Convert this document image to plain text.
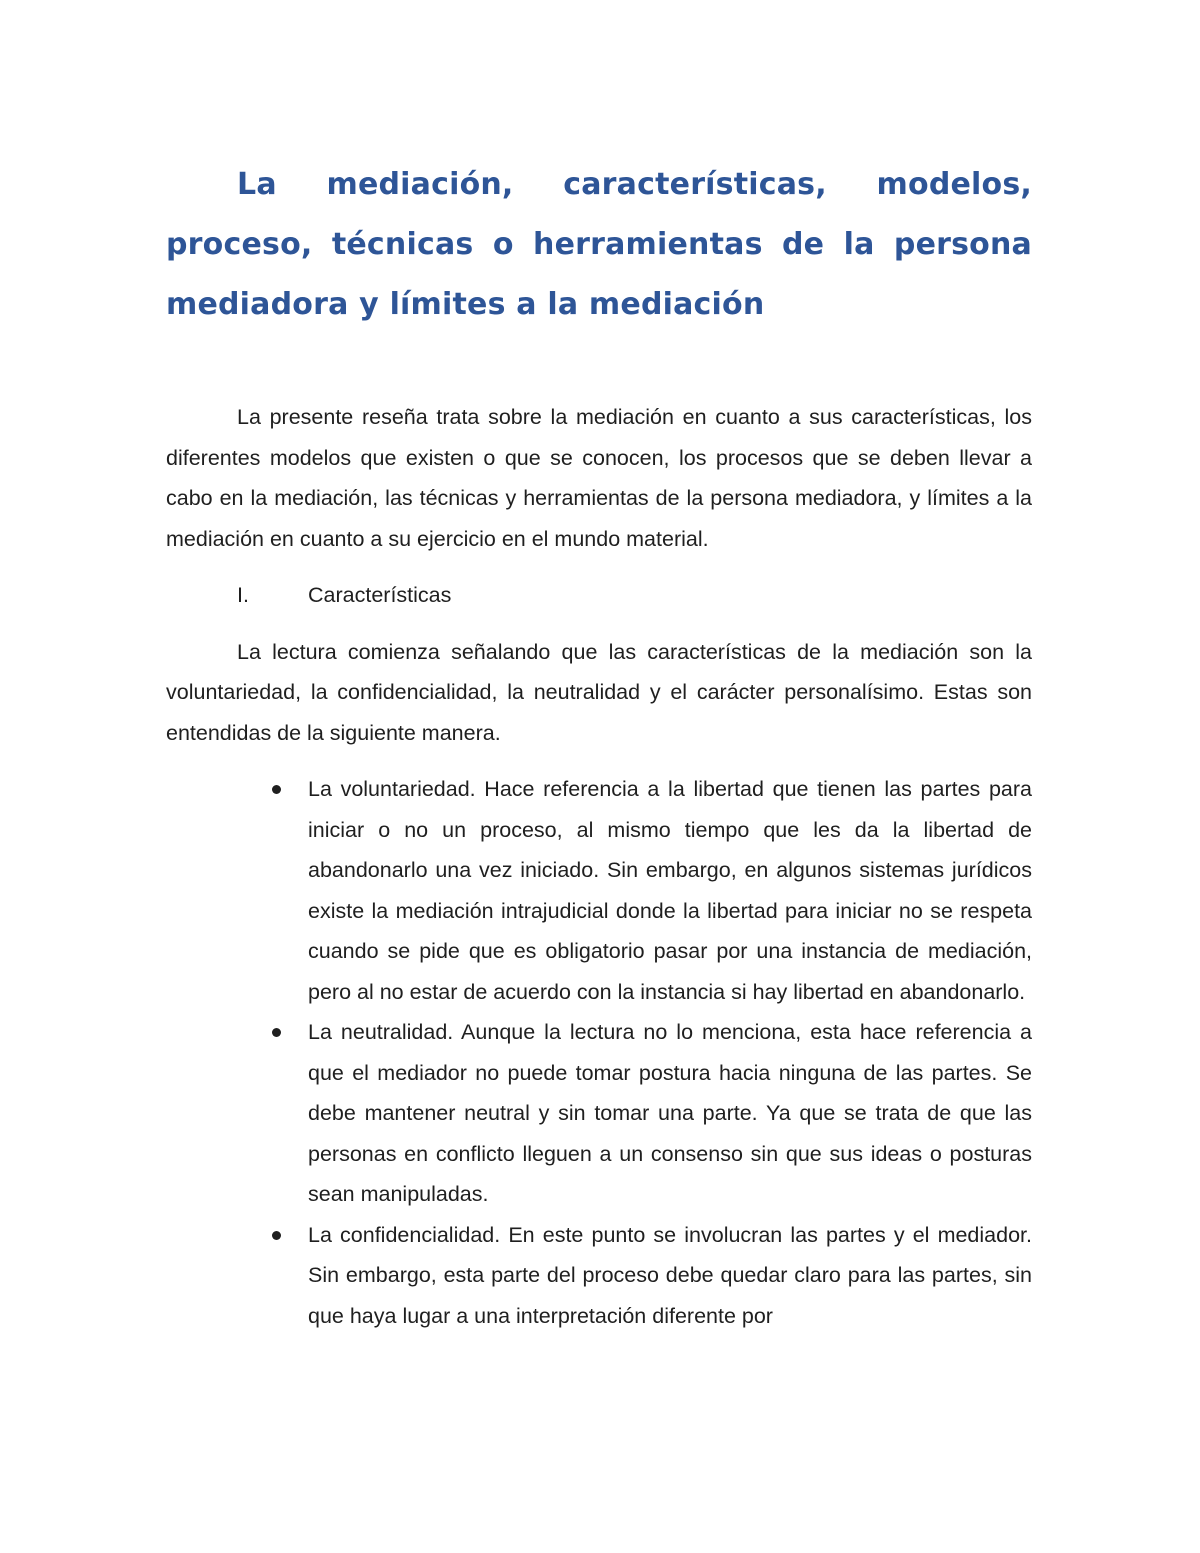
La mediación, características, modelos, proceso, técnicas o herramientas de la persona mediadora y límites a la mediación

La presente reseña trata sobre la mediación en cuanto a sus características, los diferentes modelos que existen o que se conocen, los procesos que se deben llevar a cabo en la mediación, las técnicas y herramientas de la persona mediadora, y límites a la mediación en cuanto a su ejercicio en el mundo material.

I.	Características

La lectura comienza señalando que las características de la mediación son la voluntariedad, la confidencialidad, la neutralidad y el carácter personalísimo. Estas son entendidas de la siguiente manera.

La voluntariedad. Hace referencia a la libertad que tienen las partes para iniciar o no un proceso, al mismo tiempo que les da la libertad de abandonarlo una vez iniciado. Sin embargo, en algunos sistemas jurídicos existe la mediación intrajudicial donde la libertad para iniciar no se respeta cuando se pide que es obligatorio pasar por una instancia de mediación, pero al no estar de acuerdo con la instancia si hay libertad en abandonarlo.
La neutralidad. Aunque la lectura no lo menciona, esta hace referencia a que el mediador no puede tomar postura hacia ninguna de las partes. Se debe mantener neutral y sin tomar una parte. Ya que se trata de que las personas en conflicto lleguen a un consenso sin que sus ideas o posturas sean manipuladas.
La confidencialidad. En este punto se involucran las partes y el mediador. Sin embargo, esta parte del proceso debe quedar claro para las partes, sin que haya lugar a una interpretación diferente por
